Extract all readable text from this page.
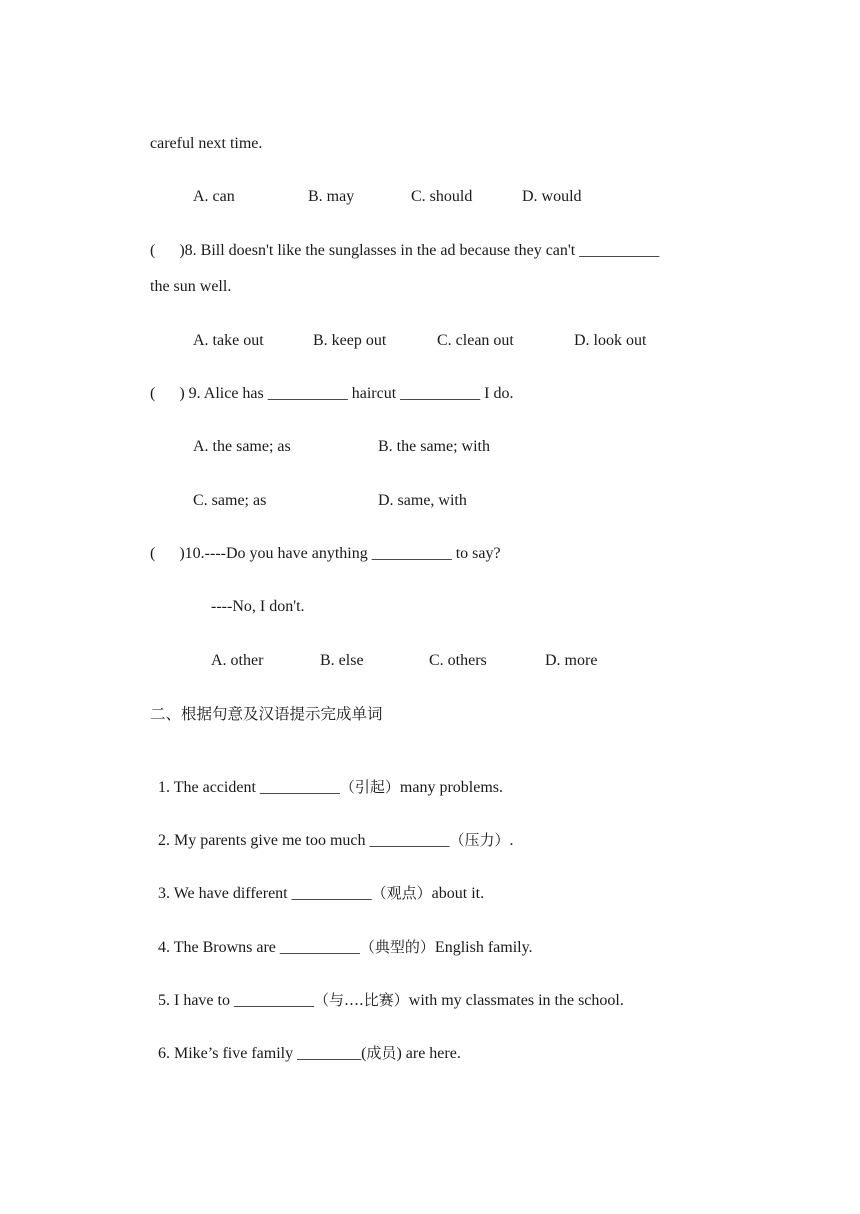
careful next time.
A. can	B. may	C. should	D. would
(      )8. Bill doesn't like the sunglasses in the ad because they can't __________
the sun well.
A. take out	B. keep out	C. clean out	D. look out
(      ) 9. Alice has __________ haircut __________ I do.
A. the same; as	B. the same; with
C. same; as	D. same, with
(      )10.----Do you have anything __________ to say?
----No, I don't.
A. other	B. else	C. others	D. more
二、根据句意及汉语提示完成单词

1. The accident __________（引起）many problems.

2. My parents give me too much __________（压力）.

3. We have different __________（观点）about it.

4. The Browns are __________（典型的）English family.

5. I have to __________（与….比赛）with my classmates in the school.

6. Mike’s five family ________(成员) are here.
